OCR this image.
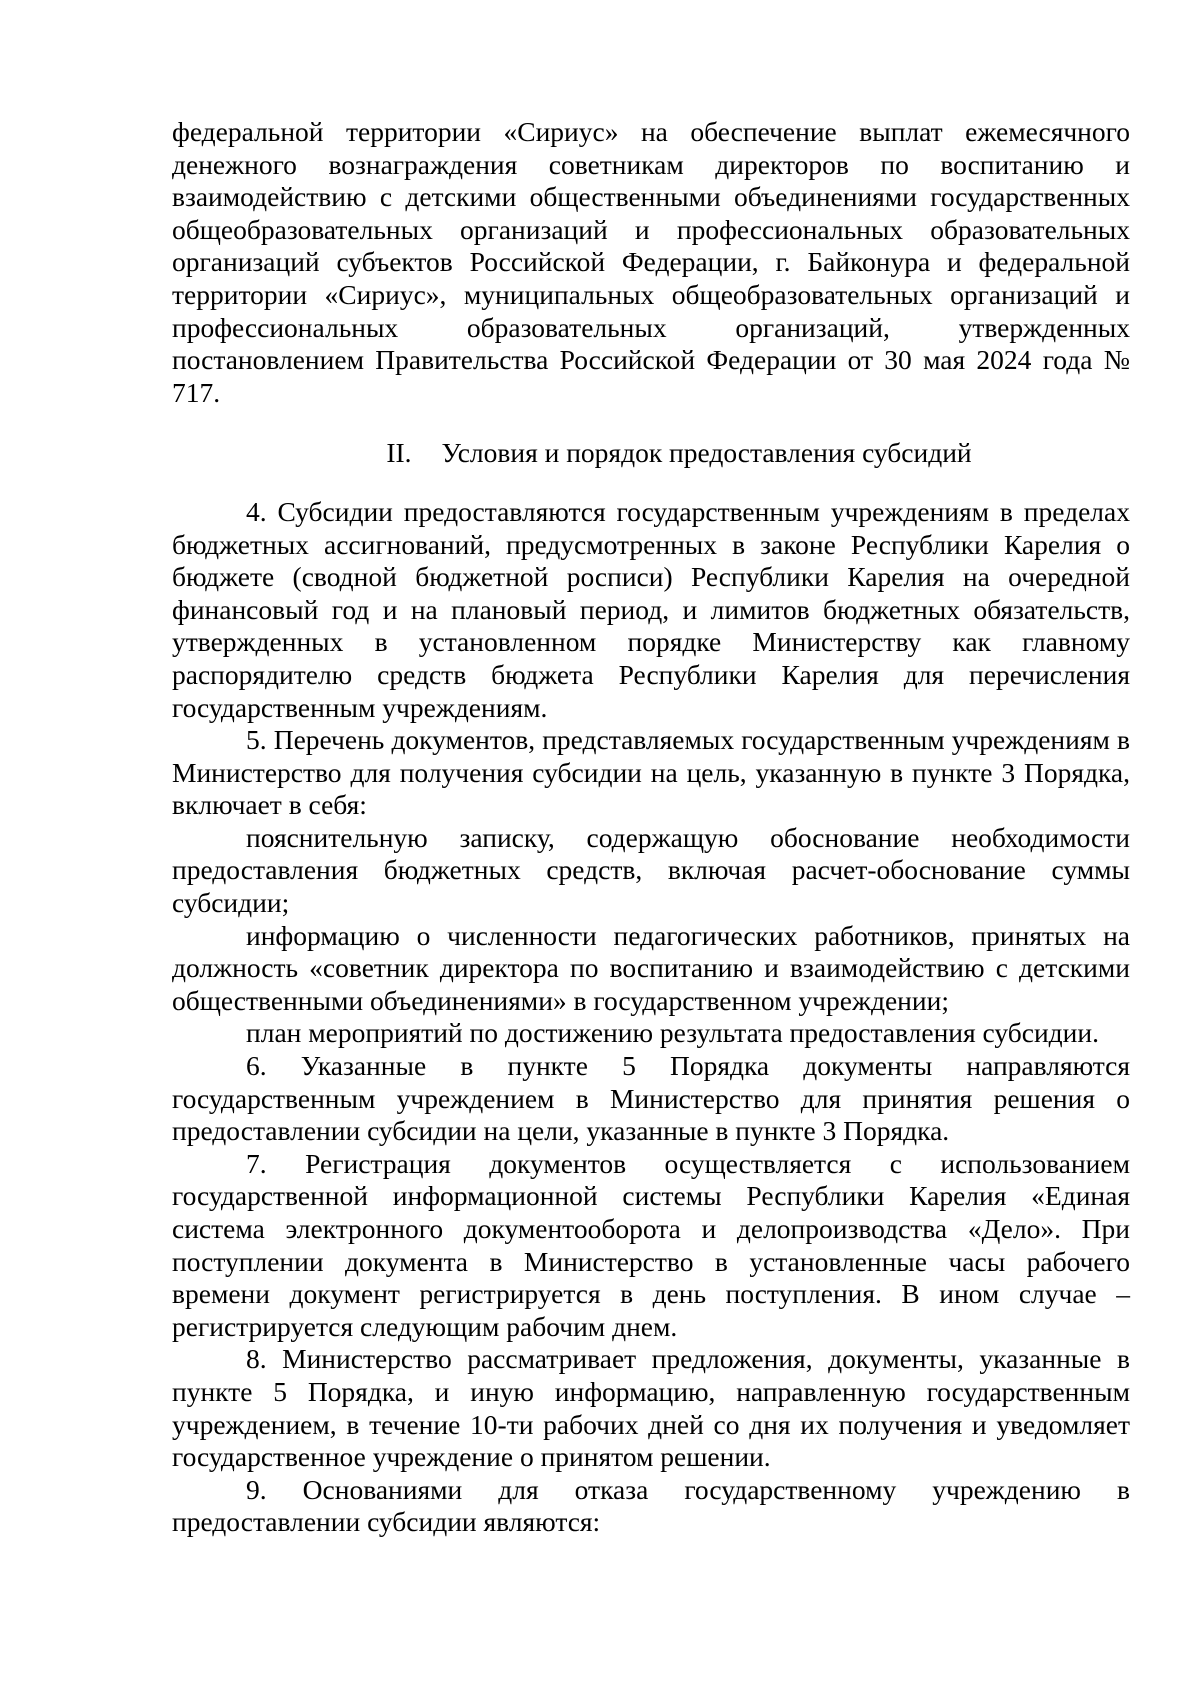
федеральной территории «Сириус» на обеспечение выплат ежемесячного денежного вознаграждения советникам директоров по воспитанию и взаимодействию с детскими общественными объединениями государственных общеобразовательных организаций и профессиональных образовательных организаций субъектов Российской Федерации, г. Байконура и федеральной территории «Сириус», муниципальных общеобразовательных организаций и профессиональных образовательных организаций, утвержденных постановлением Правительства Российской Федерации от 30 мая 2024 года № 717.

II. Условия и порядок предоставления субсидий

4. Субсидии предоставляются государственным учреждениям в пределах бюджетных ассигнований, предусмотренных в законе Республики Карелия о бюджете (сводной бюджетной росписи) Республики Карелия на очередной финансовый год и на плановый период, и лимитов бюджетных обязательств, утвержденных в установленном порядке Министерству как главному распорядителю средств бюджета Республики Карелия для перечисления государственным учреждениям.

5. Перечень документов, представляемых государственным учреждениям в Министерство для получения субсидии на цель, указанную в пункте 3 Порядка, включает в себя:

пояснительную записку, содержащую обоснование необходимости предоставления бюджетных средств, включая расчет-обоснование суммы субсидии;

информацию о численности педагогических работников, принятых на должность «советник директора по воспитанию и взаимодействию с детскими общественными объединениями» в государственном учреждении;

план мероприятий по достижению результата предоставления субсидии.

6. Указанные в пункте 5 Порядка документы направляются государственным учреждением в Министерство для принятия решения о предоставлении субсидии на цели, указанные в пункте 3 Порядка.

7. Регистрация документов осуществляется с использованием государственной информационной системы Республики Карелия «Единая система электронного документооборота и делопроизводства «Дело». При поступлении документа в Министерство в установленные часы рабочего времени документ регистрируется в день поступления. В ином случае – регистрируется следующим рабочим днем.

8. Министерство рассматривает предложения, документы, указанные в пункте 5 Порядка, и иную информацию, направленную государственным учреждением, в течение 10-ти рабочих дней со дня их получения и уведомляет государственное учреждение о принятом решении.

9. Основаниями для отказа государственному учреждению в предоставлении субсидии являются:
